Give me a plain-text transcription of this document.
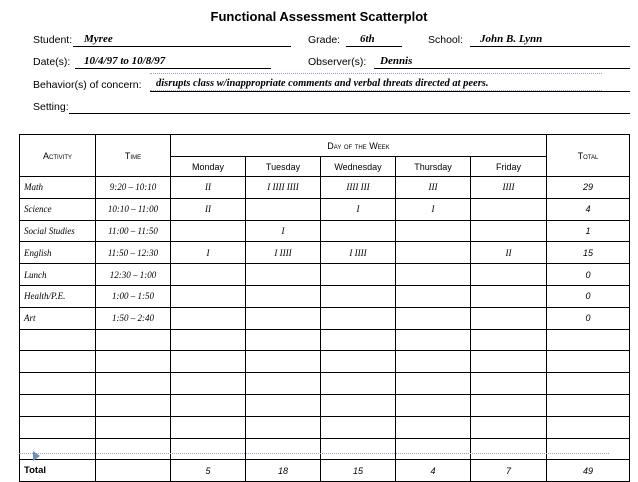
Functional Assessment Scatterplot
Student: Myree	Grade: 6th	School: John B. Lynn
Date(s): 10/4/97 to 10/8/97	Observer(s): Dennis
Behavior(s) of concern: disrupts class w/inappropriate comments and verbal threats directed at peers.
Setting:
Activity	Time	Day of the Week					Total
		Monday	Tuesday	Wednesday	Thursday	Friday	
Math	9:20 – 10:10	II	I IIII IIII	IIII III	III	IIII	29
Science	10:10 – 11:00	II		I	I		4
Social Studies	11:00 – 11:50		I				1
English	11:50 – 12:30	I	I IIII	I IIII		II	15
Lunch	12:30 – 1:00						0
Health/P.E.	1:00 – 1:50						0
Art	1:50 – 2:40						0

Total		5	18	15	4	7	49
